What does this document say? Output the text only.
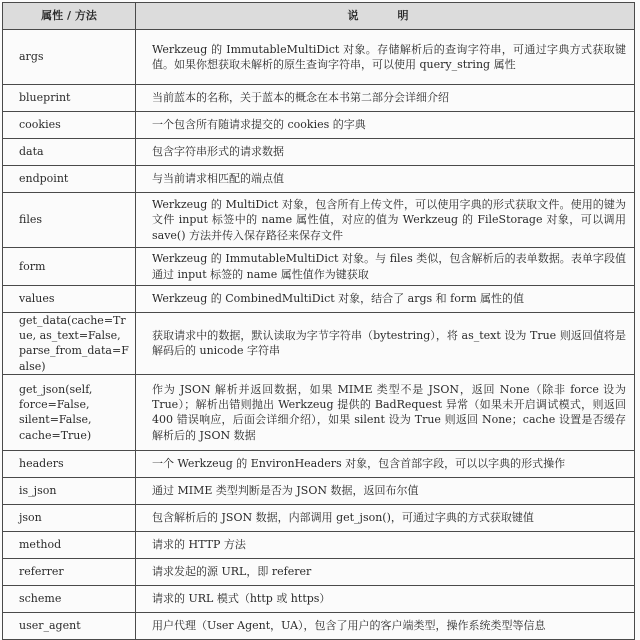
属性 / 方法	说　明
args	Werkzeug 的 ImmutableMultiDict 对象。存储解析后的查询字符串，可通过字典方式获取键值。如果你想获取未解析的原生查询字符串，可以使用 query_string 属性
blueprint	当前蓝本的名称，关于蓝本的概念在本书第二部分会详细介绍
cookies	一个包含所有随请求提交的 cookies 的字典
data	包含字符串形式的请求数据
endpoint	与当前请求相匹配的端点值
files	Werkzeug 的 MultiDict 对象，包含所有上传文件，可以使用字典的形式获取文件。使用的键为文件 input 标签中的 name 属性值，对应的值为 Werkzeug 的 FileStorage 对象，可以调用 save() 方法并传入保存路径来保存文件
form	Werkzeug 的 ImmutableMultiDict 对象。与 files 类似，包含解析后的表单数据。表单字段值通过 input 标签的 name 属性值作为键获取
values	Werkzeug 的 CombinedMultiDict 对象，结合了 args 和 form 属性的值
get_data(cache=True, as_text=False, parse_from_data=False)	获取请求中的数据，默认读取为字节字符串（bytestring），将 as_text 设为 True 则返回值将是解码后的 unicode 字符串
get_json(self, force=False, silent=False, cache=True)	作为 JSON 解析并返回数据，如果 MIME 类型不是 JSON，返回 None（除非 force 设为 True）；解析出错则抛出 Werkzeug 提供的 BadRequest 异常（如果未开启调试模式，则返回 400 错误响应，后面会详细介绍），如果 silent 设为 True 则返回 None；cache 设置是否缓存解析后的 JSON 数据
headers	一个 Werkzeug 的 EnvironHeaders 对象，包含首部字段，可以以字典的形式操作
is_json	通过 MIME 类型判断是否为 JSON 数据，返回布尔值
json	包含解析后的 JSON 数据，内部调用 get_json()，可通过字典的方式获取键值
method	请求的 HTTP 方法
referrer	请求发起的源 URL，即 referer
scheme	请求的 URL 模式（http 或 https）
user_agent	用户代理（User Agent，UA），包含了用户的客户端类型，操作系统类型等信息
